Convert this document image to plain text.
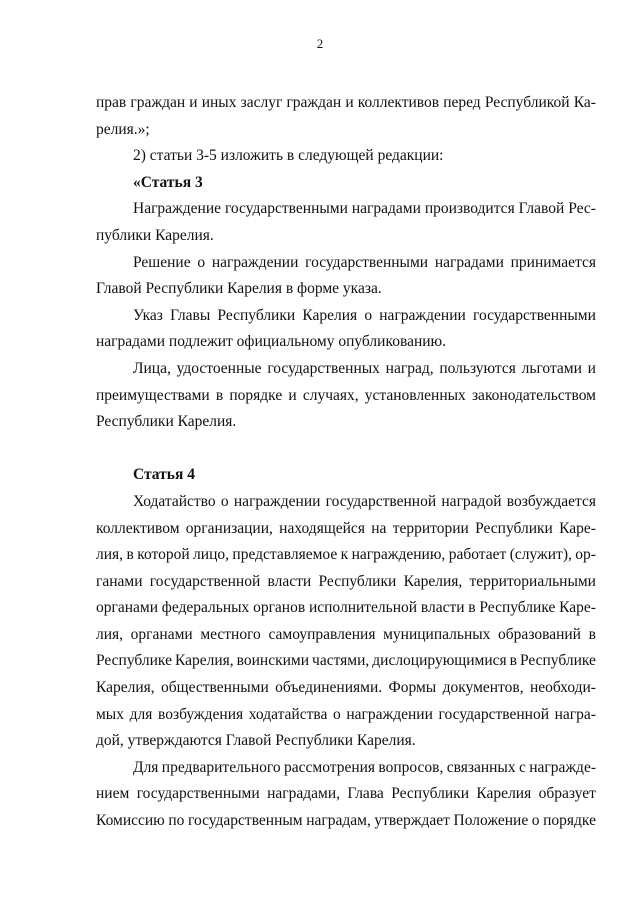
2
прав граждан и иных заслуг граждан и коллективов перед Республикой Ка-
релия.»;
2) статьи 3-5 изложить в следующей редакции:
«Статья 3
Награждение государственными наградами производится Главой Рес-
публики Карелия.
Решение о награждении государственными наградами принимается
Главой Республики Карелия в форме указа.
Указ Главы Республики Карелия о награждении государственными
наградами подлежит официальному опубликованию.
Лица, удостоенные государственных наград, пользуются льготами и
преимуществами в порядке и случаях, установленных законодательством
Республики Карелия.
Статья 4
Ходатайство о награждении государственной наградой возбуждается
коллективом организации, находящейся на территории Республики Каре-
лия, в которой лицо, представляемое к награждению, работает (служит), ор-
ганами государственной власти Республики Карелия, территориальными
органами федеральных органов исполнительной власти в Республике Каре-
лия, органами местного самоуправления муниципальных образований в
Республике Карелия, воинскими частями, дислоцирующимися в Республике
Карелия, общественными объединениями. Формы документов, необходи-
мых для возбуждения ходатайства о награждении государственной награ-
дой, утверждаются Главой Республики Карелия.
Для предварительного рассмотрения вопросов, связанных с награжде-
нием государственными наградами, Глава Республики Карелия образует
Комиссию по государственным наградам, утверждает Положение о порядке
